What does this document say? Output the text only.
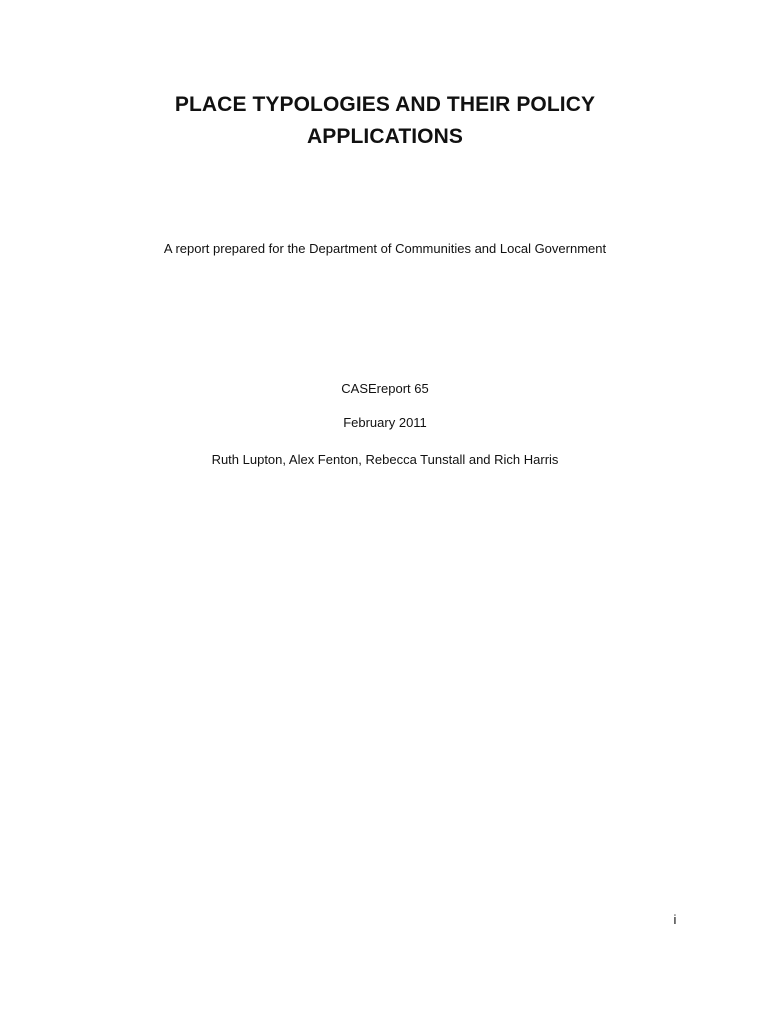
PLACE TYPOLOGIES AND THEIR POLICY
APPLICATIONS
A report prepared for the Department of Communities and Local Government
CASEreport 65
February 2011
Ruth Lupton, Alex Fenton, Rebecca Tunstall and Rich Harris
i
